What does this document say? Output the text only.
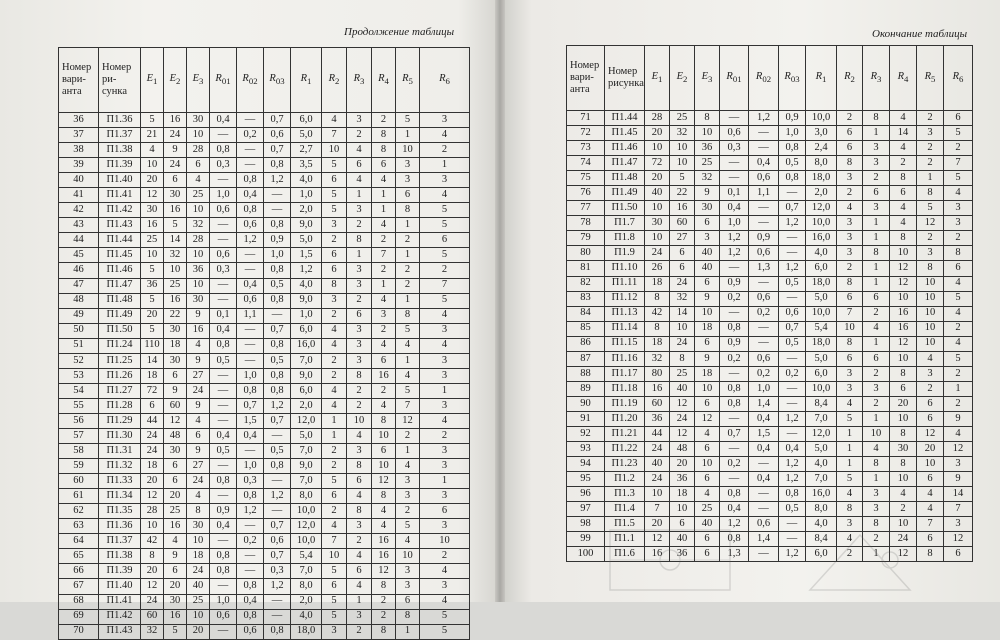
Продолжение таблицы	Окончание таблицы
Номер вари-анта	Номер ри-сунка	$E_1$	$E_2$	$E_3$	$R_{01}$	$R_{02}$	$R_{03}$	$R_1$	$R_2$	$R_3$	$R_4$	$R_5$	$R_6$
36	П1.36	5	16	30	0,4	—	0,7	6,0	4	3	2	5	3
37	П1.37	21	24	10	—	0,2	0,6	5,0	7	2	8	1	4
38	П1.38	4	9	28	0,8	—	0,7	2,7	10	4	8	10	2
39	П1.39	10	24	6	0,3	—	0,8	3,5	5	6	6	3	1
40	П1.40	20	6	4	—	0,8	1,2	4,0	6	4	4	3	3
41	П1.41	12	30	25	1,0	0,4	—	1,0	5	1	1	6	4
42	П1.42	30	16	10	0,6	0,8	—	2,0	5	3	1	8	5
43	П1.43	16	5	32	—	0,6	0,8	9,0	3	2	4	1	5
44	П1.44	25	14	28	—	1,2	0,9	5,0	2	8	2	2	6
45	П1.45	10	32	10	0,6	—	1,0	1,5	6	1	7	1	5
46	П1.46	5	10	36	0,3	—	0,8	1,2	6	3	2	2	2
47	П1.47	36	25	10	—	0,4	0,5	4,0	8	3	1	2	7
48	П1.48	5	16	30	—	0,6	0,8	9,0	3	2	4	1	5
49	П1.49	20	22	9	0,1	1,1	—	1,0	2	6	3	8	4
50	П1.50	5	30	16	0,4	—	0,7	6,0	4	3	2	5	3
51	П1.24	110	18	4	0,8	—	0,8	16,0	4	3	4	4	4
52	П1.25	14	30	9	0,5	—	0,5	7,0	2	3	6	1	3
53	П1.26	18	6	27	—	1,0	0,8	9,0	2	8	16	4	3
54	П1.27	72	9	24	—	0,8	0,8	6,0	4	2	2	5	1
55	П1.28	6	60	9	—	0,7	1,2	2,0	4	2	4	7	3
56	П1.29	44	12	4	—	1,5	0,7	12,0	1	10	8	12	4
57	П1.30	24	48	6	0,4	0,4	—	5,0	1	4	10	2	2
58	П1.31	24	30	9	0,5	—	0,5	7,0	2	3	6	1	3
59	П1.32	18	6	27	—	1,0	0,8	9,0	2	8	10	4	3
60	П1.33	20	6	24	0,8	0,3	—	7,0	5	6	12	3	1
61	П1.34	12	20	4	—	0,8	1,2	8,0	6	4	8	3	3
62	П1.35	28	25	8	0,9	1,2	—	10,0	2	8	4	2	6
63	П1.36	10	16	30	0,4	—	0,7	12,0	4	3	4	5	3
64	П1.37	42	4	10	—	0,2	0,6	10,0	7	2	16	4	10
65	П1.38	8	9	18	0,8	—	0,7	5,4	10	4	16	10	2
66	П1.39	20	6	24	0,8	—	0,3	7,0	5	6	12	3	4
67	П1.40	12	20	40	—	0,8	1,2	8,0	6	4	8	3	3
68	П1.41	24	30	25	1,0	0,4	—	2,0	5	1	2	6	4
69	П1.42	60	16	10	0,6	0,8	—	4,0	5	3	2	8	5
70	П1.43	32	5	20	—	0,6	0,8	18,0	3	2	8	1	5
Номер вари-анта	Номер рисунка	$E_1$	$E_2$	$E_3$	$R_{01}$	$R_{02}$	$R_{03}$	$R_1$	$R_2$	$R_3$	$R_4$	$R_5$	$R_6$
71	П1.44	28	25	8	—	1,2	0,9	10,0	2	8	4	2	6
72	П1.45	20	32	10	0,6	—	1,0	3,0	6	1	14	3	5
73	П1.46	10	10	36	0,3	—	0,8	2,4	6	3	4	2	2
74	П1.47	72	10	25	—	0,4	0,5	8,0	8	3	2	2	7
75	П1.48	20	5	32	—	0,6	0,8	18,0	3	2	8	1	5
76	П1.49	40	22	9	0,1	1,1	—	2,0	2	6	6	8	4
77	П1.50	10	16	30	0,4	—	0,7	12,0	4	3	4	5	3
78	П1.7	30	60	6	1,0	—	1,2	10,0	3	1	4	12	3
79	П1.8	10	27	3	1,2	0,9	—	16,0	3	1	8	2	2
80	П1.9	24	6	40	1,2	0,6	—	4,0	3	8	10	3	8
81	П1.10	26	6	40	—	1,3	1,2	6,0	2	1	12	8	6
82	П1.11	18	24	6	0,9	—	0,5	18,0	8	1	12	10	4
83	П1.12	8	32	9	0,2	0,6	—	5,0	6	6	10	10	5
84	П1.13	42	14	10	—	0,2	0,6	10,0	7	2	16	10	4
85	П1.14	8	10	18	0,8	—	0,7	5,4	10	4	16	10	2
86	П1.15	18	24	6	0,9	—	0,5	18,0	8	1	12	10	4
87	П1.16	32	8	9	0,2	0,6	—	5,0	6	6	10	4	5
88	П1.17	80	25	18	—	0,2	0,2	6,0	3	2	8	3	2
89	П1.18	16	40	10	0,8	1,0	—	10,0	3	3	6	2	1
90	П1.19	60	12	6	0,8	1,4	—	8,4	4	2	20	6	2
91	П1.20	36	24	12	—	0,4	1,2	7,0	5	1	10	6	9
92	П1.21	44	12	4	0,7	1,5	—	12,0	1	10	8	12	4
93	П1.22	24	48	6	—	0,4	0,4	5,0	1	4	30	20	12
94	П1.23	40	20	10	0,2	—	1,2	4,0	1	8	8	10	3
95	П1.2	24	36	6	—	0,4	1,2	7,0	5	1	10	6	9
96	П1.3	10	18	4	0,8	—	0,8	16,0	4	3	4	4	14
97	П1.4	7	10	25	0,4	—	0,5	8,0	8	3	2	4	7
98	П1.5	20	6	40	1,2	0,6	—	4,0	3	8	10	7	3
99	П1.1	12	40	6	0,8	1,4	—	8,4	4	2	24	6	12
100	П1.6	16	36	6	1,3	—	1,2	6,0	2	1	12	8	6
